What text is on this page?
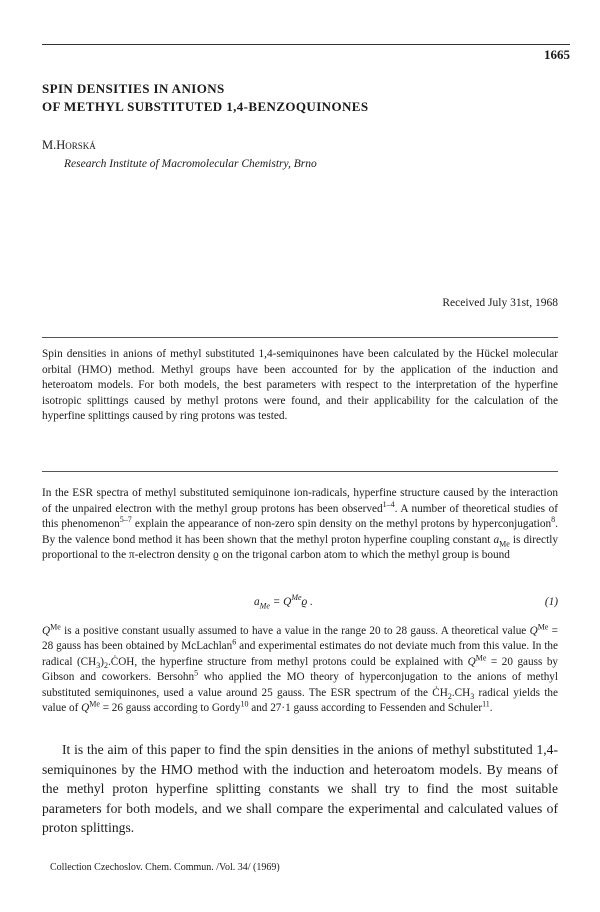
1665
SPIN DENSITIES IN ANIONS
OF METHYL SUBSTITUTED 1,4-BENZOQUINONES
M.Horská
Research Institute of Macromolecular Chemistry, Brno
Received July 31st, 1968
Spin densities in anions of methyl substituted 1,4-semiquinones have been calculated by the Hückel molecular orbital (HMO) method. Methyl groups have been accounted for by the application of the induction and heteroatom models. For both models, the best parameters with respect to the interpretation of the hyperfine isotropic splittings caused by methyl protons were found, and their applicability for the calculation of the hyperfine splittings caused by ring protons was tested.

In the ESR spectra of methyl substituted semiquinone ion-radicals, hyperfine structure caused by the interaction of the unpaired electron with the methyl group protons has been observed$^{1-4}$. A number of theoretical studies of this phenomenon$^{5-7}$ explain the appearance of non-zero spin density on the methyl protons by hyperconjugation$^8$. By the valence bond method it has been shown that the methyl proton hyperfine coupling constant $a_{Me}$ is directly proportional to the π-electron density ϱ on the trigonal carbon atom to which the methyl group is bound

$a_{Me} = Q^{Me}ϱ$ .	(1)

$Q^{Me}$ is a positive constant usually assumed to have a value in the range 20 to 28 gauss. A theoretical value $Q^{Me} = 28$ gauss has been obtained by McLachlan$^6$ and experimental estimates do not deviate much from this value. In the radical $(CH_3)_2.ĊOH$, the hyperfine structure from methyl protons could be explained with $Q^{Me} = 20$ gauss by Gibson and coworkers. Bersohn$^5$ who applied the MO theory of hyperconjugation to the anions of methyl substituted semiquinones, used a value around 25 gauss. The ESR spectrum of the $ĊH_2.CH_3$ radical yields the value of $Q^{Me} = 26$ gauss according to Gordy$^{10}$ and 27·1 gauss according to Fessenden and Schuler$^{11}$.

It is the aim of this paper to find the spin densities in the anions of methyl substituted 1,4-semiquinones by the HMO method with the induction and heteroatom models. By means of the methyl proton hyperfine splitting constants we shall try to find the most suitable parameters for both models, and we shall compare the experimental and calculated values of proton splittings.

Collection Czechoslov. Chem. Commun. /Vol. 34/ (1969)
